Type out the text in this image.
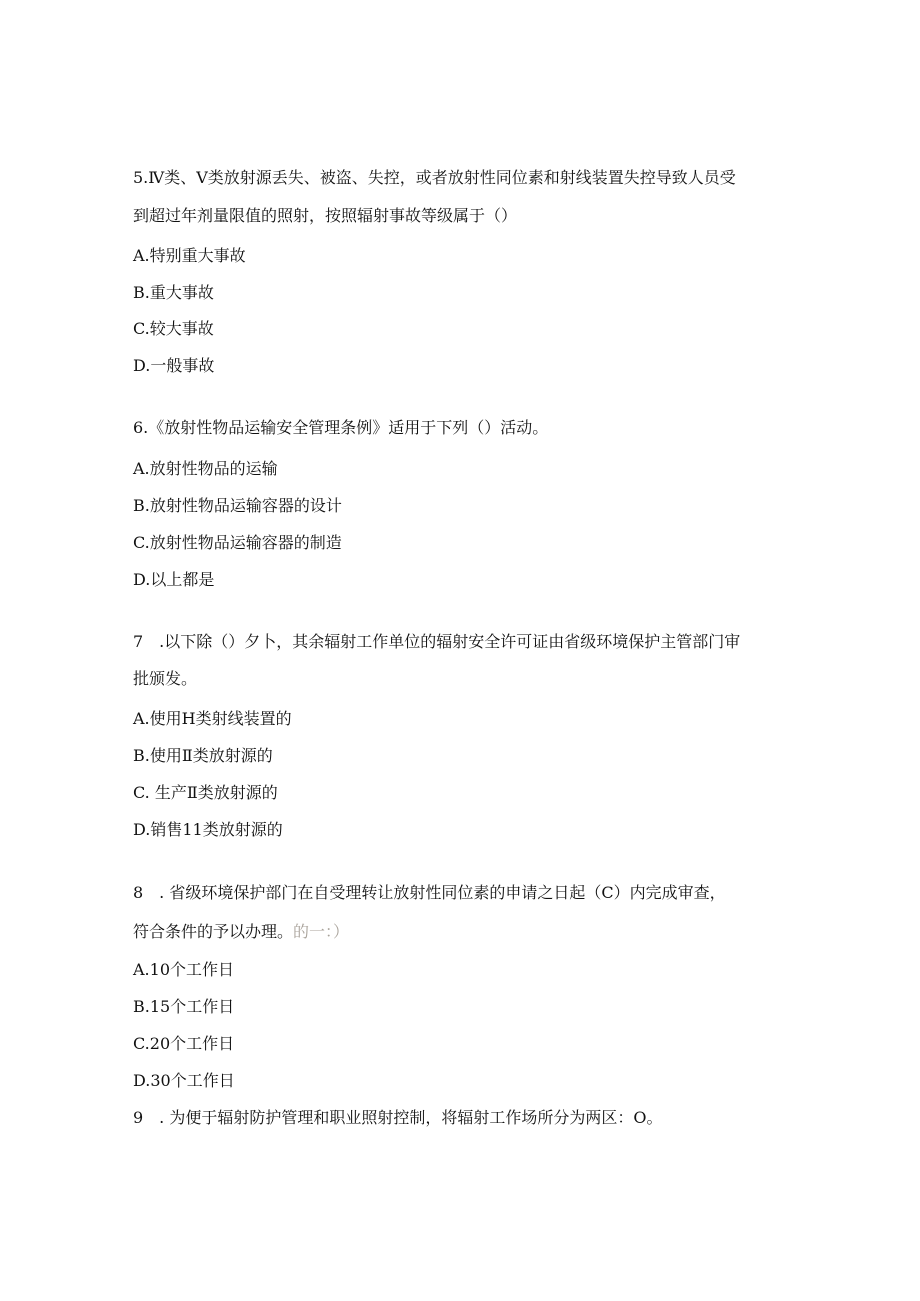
5.Ⅳ类、Ⅴ类放射源丢失、被盗、失控，或者放射性同位素和射线装置失控导致人员受
到超过年剂量限值的照射，按照辐射事故等级属于（）
A.特别重大事故
B.重大事故
C.较大事故
D.一般事故
6.《放射性物品运输安全管理条例》适用于下列（）活动。
A.放射性物品的运输
B.放射性物品运输容器的设计
C.放射性物品运输容器的制造
D.以上都是
7　.以下除（）夕卜，其余辐射工作单位的辐射安全许可证由省级环境保护主管部门审
批颁发。
A.使用H类射线装置的
B.使用Ⅱ类放射源的
C. 生产Ⅱ类放射源的
D.销售11类放射源的
8　. 省级环境保护部门在自受理转让放射性同位素的申请之日起（C）内完成审查，
符合条件的予以办理。的一：）
A.10个工作日
B.15个工作日
C.20个工作日
D.30个工作日
9　. 为便于辐射防护管理和职业照射控制，将辐射工作场所分为两区：O。
